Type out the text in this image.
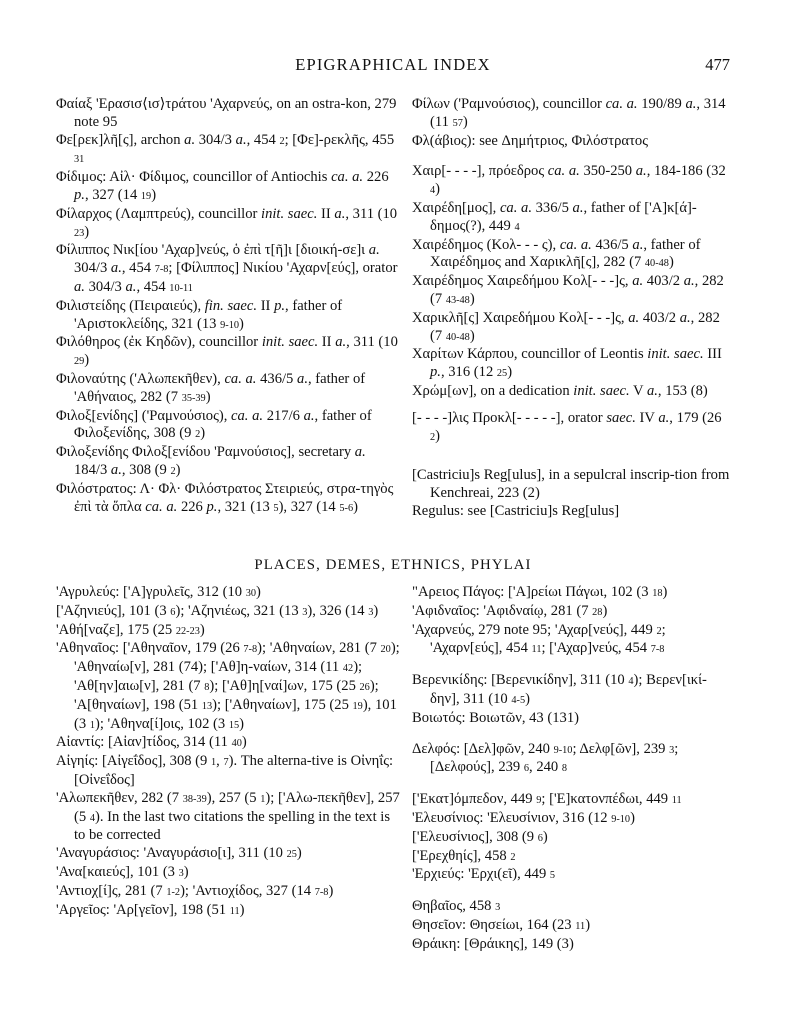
EPIGRAPHICAL INDEX	477
Φαίαξ 'Ερασισ⟨ισ⟩τράτου 'Αχαρνεύς, on an ostra-kon, 279 note 95
Φε[ρεκ]λῆ[ς], archon a. 304/3 a., 454 2; [Φε]-ρεκλῆς, 455 31
Φίδιμος: Αἰλ· Φίδιμος, councillor of Antiochis ca. a. 226 p., 327 (14 19)
Φίλαρχος (Λαμπτρεύς), councillor init. saec. II a., 311 (10 23)
Φίλιππος Νικ[ίου 'Αχαρ]νεύς, ὁ ἐπὶ τ[ῆ]ι [διοική-σε]ι a. 304/3 a., 454 7-8; [Φίλιππος] Νικίου 'Αχαρν[εύς], orator a. 304/3 a., 454 10-11
Φιλιστείδης (Πειραιεύς), fin. saec. II p., father of 'Αριστοκλείδης, 321 (13 9-10)
Φιλόθηρος (ἐκ Κηδῶν), councillor init. saec. II a., 311 (10 29)
Φιλοναύτης ('Αλωπεκῆθεν), ca. a. 436/5 a., father of 'Αθήναιος, 282 (7 35-39)
Φιλοξ[ενίδης] ('Ραμνούσιος), ca. a. 217/6 a., father of Φιλοξενίδης, 308 (9 2)
Φιλοξενίδης Φιλοξ[ενίδου 'Ραμνούσιος], secretary a. 184/3 a., 308 (9 2)
Φιλόστρατος: Λ· Φλ· Φιλόστρατος Στειριεύς, στρα-τηγὸς ἐπὶ τὰ ὅπλα ca. a. 226 p., 321 (13 5), 327 (14 5-6)
Φίλων ('Ραμνούσιος), councillor ca. a. 190/89 a., 314 (11 57)
Φλ(άβιος): see Δημήτριος, Φιλόστρατος
Χαιρ[- - - -], πρόεδρος ca. a. 350-250 a., 184-186 (32 4)
Χαιρέδη[μος], ca. a. 336/5 a., father of ['Α]κ[ά]-δημος(?), 449 4
Χαιρέδημος (Κολ- - - ς), ca. a. 436/5 a., father of Χαιρέδημος and Χαρικλῆ[ς], 282 (7 40-48)
Χαιρέδημος Χαιρεδήμου Κολ[- - -]ς, a. 403/2 a., 282 (7 43-48)
Χαρικλῆ[ς] Χαιρεδήμου Κολ[- - -]ς, a. 403/2 a., 282 (7 40-48)
Χαρίτων Κάρπου, councillor of Leontis init. saec. III p., 316 (12 25)
Χρώμ[ων], on a dedication init. saec. V a., 153 (8)
[- - - -]λις Προκλ[- - - - -], orator saec. IV a., 179 (26 2)
[Castriciu]s Reg[ulus], in a sepulcral inscrip-tion from Kenchreai, 223 (2)
Regulus: see [Castriciu]s Reg[ulus]
PLACES, DEMES, ETHNICS, PHYLAI
'Αγρυλεύς: ['Α]γρυλεῖς, 312 (10 30)
['Αζηνιεύς], 101 (3 6); 'Αζηνιέως, 321 (13 3), 326 (14 3)
'Αθή[ναζε], 175 (25 22-23)
'Αθηναῖος: ['Αθηναῖον, 179 (26 7-8); 'Αθηναίων, 281 (7 20); 'Αθηναίω[ν], 281 (74); ['Αθ]η-ναίων, 314 (11 42); 'Αθ[ην]αιω[ν], 281 (7 8); ['Αθ]η[ναί]ων, 175 (25 26); 'Α[θηναίων], 198 (51 13); ['Αθηναίων], 175 (25 19), 101 (3 1); 'Αθηνα[ί]οις, 102 (3 15)
Αἰαντίς: [Αἰαν]τίδος, 314 (11 40)
Αἰγηίς: [Αἰγεΐδος], 308 (9 1, 7). The alterna-tive is Οἰνηΐς: [Οἰνεΐδος]
'Αλωπεκῆθεν, 282 (7 38-39), 257 (5 1); ['Αλω-πεκῆθεν], 257 (5 4). In the last two citations the spelling in the text is to be corrected
'Αναγυράσιος: 'Αναγυράσιο[ι], 311 (10 25)
'Ανα[καιεύς], 101 (3 3)
'Αντιοχ[ί]ς, 281 (7 1-2); 'Αντιοχίδος, 327 (14 7-8)
'Αργεῖος: 'Αρ[γεῖον], 198 (51 11)
"Αρειος Πάγος: ['Α]ρείωι Πάγωι, 102 (3 18)
'Αφιδναῖος: 'Αφιδναίῳ, 281 (7 28)
'Αχαρνεύς, 279 note 95; 'Αχαρ[νεύς], 449 2; 'Αχαρν[εύς], 454 11; ['Αχαρ]νεύς, 454 7-8
Βερενικίδης: [Βερενικίδην], 311 (10 4); Βερεν[ικί-δην], 311 (10 4-5)
Βοιωτός: Βοιωτῶν, 43 (131)
Δελφός: [Δελ]φῶν, 240 9-10; Δελφ[ῶν], 239 3; [Δελφούς], 239 6, 240 8
['Εκατ]όμπεδον, 449 9; ['Ε]κατονπέδωι, 449 11
'Ελευσίνιος: 'Ελευσίνιον, 316 (12 9-10)
['Ελευσίνιος], 308 (9 6)
['Ερεχθηίς], 458 2
'Ερχιεύς: 'Ερχι(εῖ), 449 5
Θηβαῖος, 458 3
Θησεῖον: Θησείωι, 164 (23 11)
Θράικη: [Θράικης], 149 (3)
